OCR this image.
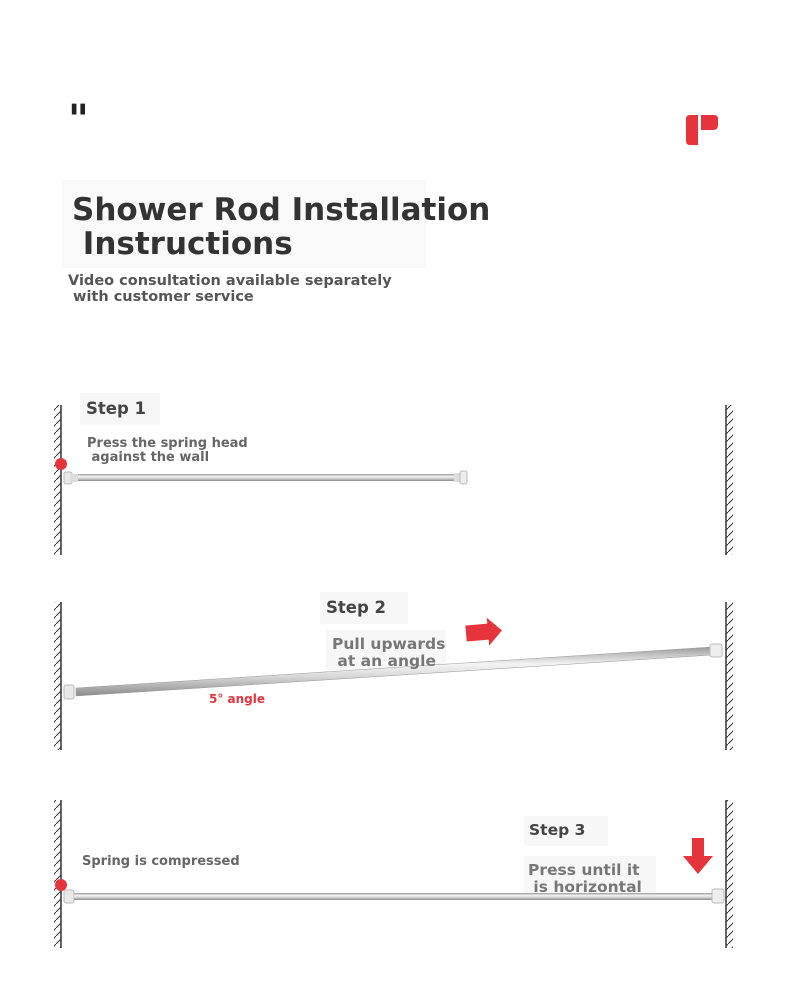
"
Shower Rod Installation
Instructions
Video consultation available separately
with customer service
Step 1
Press the spring head
against the wall
Step 2
Pull upwards
at an angle
5° angle
Step 3
Press until it
is horizontal
Spring is compressed
